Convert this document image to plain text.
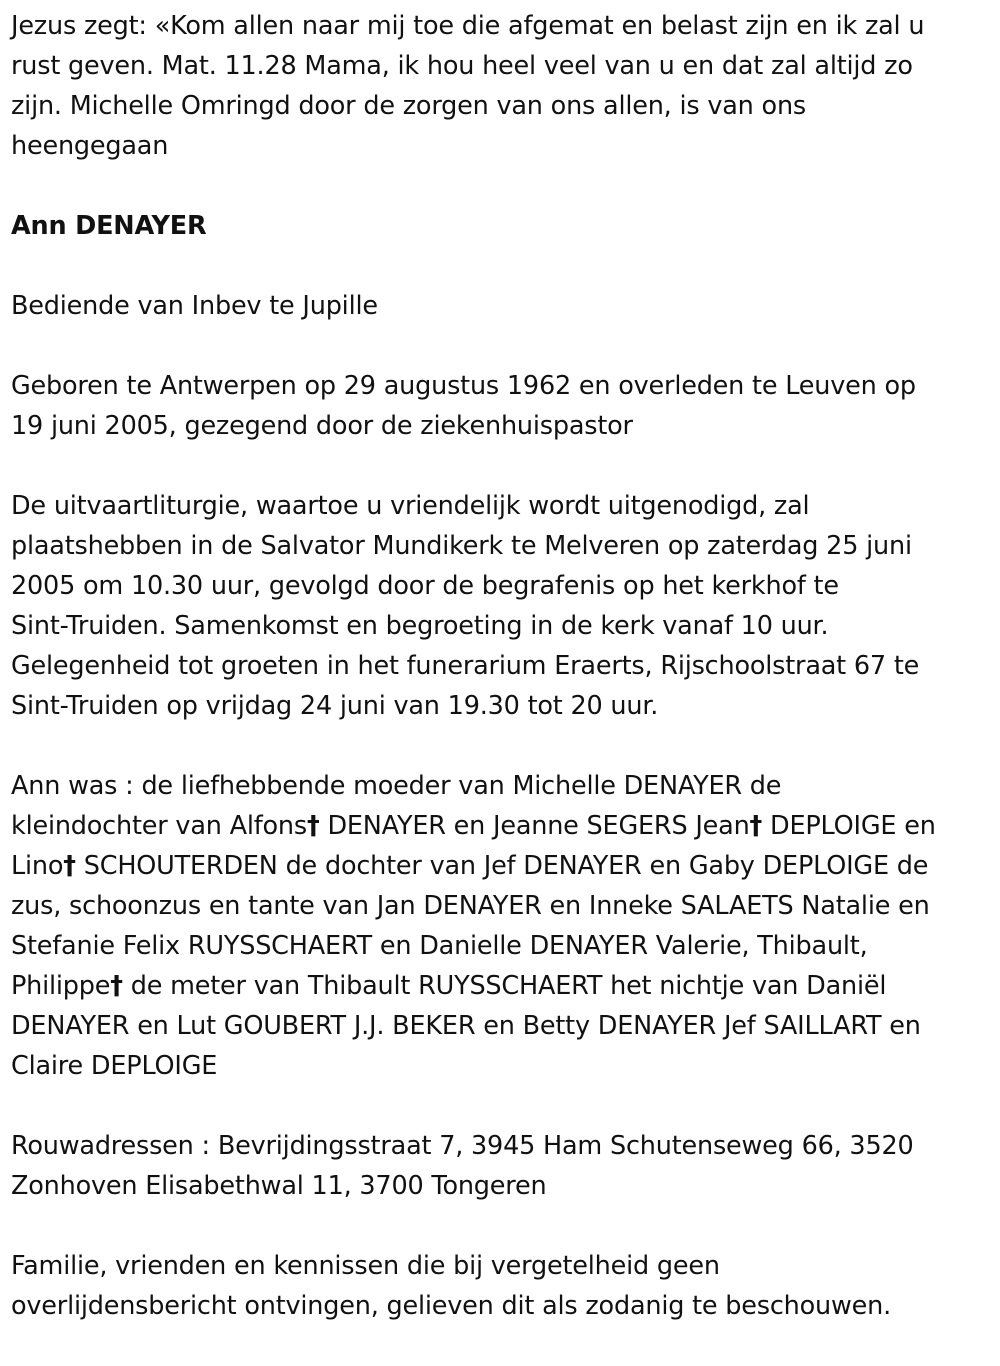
Jezus zegt: «Kom allen naar mij toe die afgemat en belast zijn en ik zal u
rust geven. Mat. 11.28 Mama, ik hou heel veel van u en dat zal altijd zo
zijn. Michelle Omringd door de zorgen van ons allen, is van ons
heengegaan

Ann DENAYER

Bediende van Inbev te Jupille

Geboren te Antwerpen op 29 augustus 1962 en overleden te Leuven op
19 juni 2005, gezegend door de ziekenhuispastor

De uitvaartliturgie, waartoe u vriendelijk wordt uitgenodigd, zal
plaatshebben in de Salvator Mundikerk te Melveren op zaterdag 25 juni
2005 om 10.30 uur, gevolgd door de begrafenis op het kerkhof te
Sint-Truiden. Samenkomst en begroeting in de kerk vanaf 10 uur.
Gelegenheid tot groeten in het funerarium Eraerts, Rijschoolstraat 67 te
Sint-Truiden op vrijdag 24 juni van 19.30 tot 20 uur.

Ann was : de liefhebbende moeder van Michelle DENAYER de
kleindochter van Alfons† DENAYER en Jeanne SEGERS Jean† DEPLOIGE en
Lino† SCHOUTERDEN de dochter van Jef DENAYER en Gaby DEPLOIGE de
zus, schoonzus en tante van Jan DENAYER en Inneke SALAETS Natalie en
Stefanie Felix RUYSSCHAERT en Danielle DENAYER Valerie, Thibault,
Philippe† de meter van Thibault RUYSSCHAERT het nichtje van Daniël
DENAYER en Lut GOUBERT J.J. BEKER en Betty DENAYER Jef SAILLART en
Claire DEPLOIGE

Rouwadressen : Bevrijdingsstraat 7, 3945 Ham Schutenseweg 66, 3520
Zonhoven Elisabethwal 11, 3700 Tongeren

Familie, vrienden en kennissen die bij vergetelheid geen
overlijdensbericht ontvingen, gelieven dit als zodanig te beschouwen.
